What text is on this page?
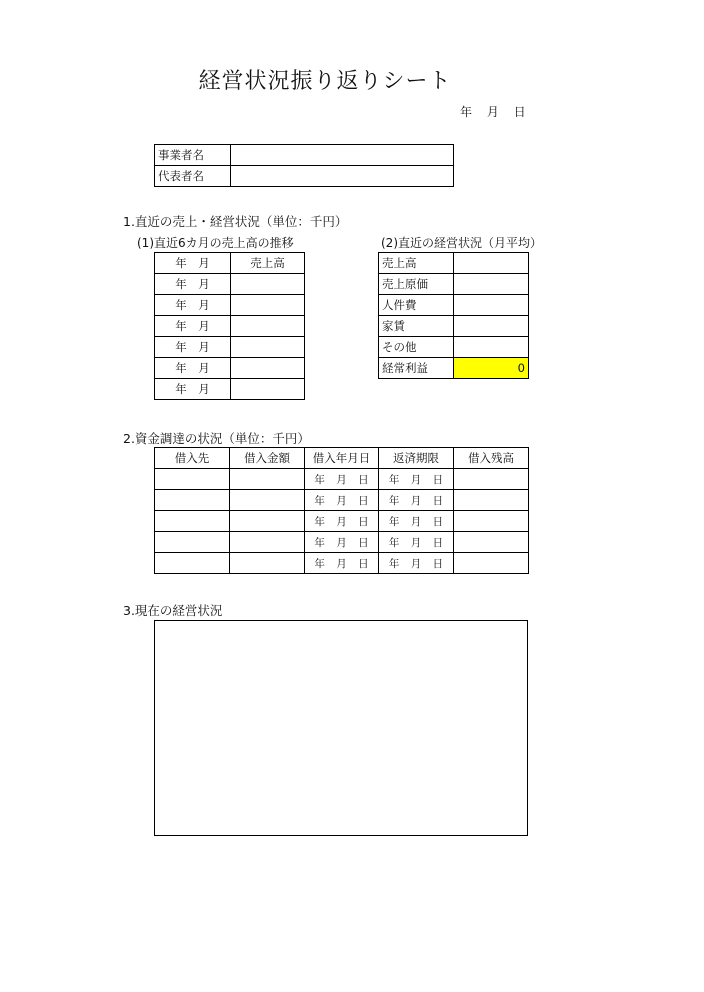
経営状況振り返りシート
年 月 日
事業者名	
代表者名	
1.直近の売上・経営状況（単位：千円）
(1)直近6カ月の売上高の推移	(2)直近の経営状況（月平均）
年　月	売上高
年　月	
年　月	
年　月	
年　月	
年　月	
年　月	
売上高	
売上原価	
人件費	
家賃	
その他	
経常利益	0
2.資金調達の状況（単位：千円）
借入先	借入金額	借入年月日	返済期限	借入残高
		年 月 日	年 月 日	
		年 月 日	年 月 日	
		年 月 日	年 月 日	
		年 月 日	年 月 日	
		年 月 日	年 月 日	
3.現在の経営状況
